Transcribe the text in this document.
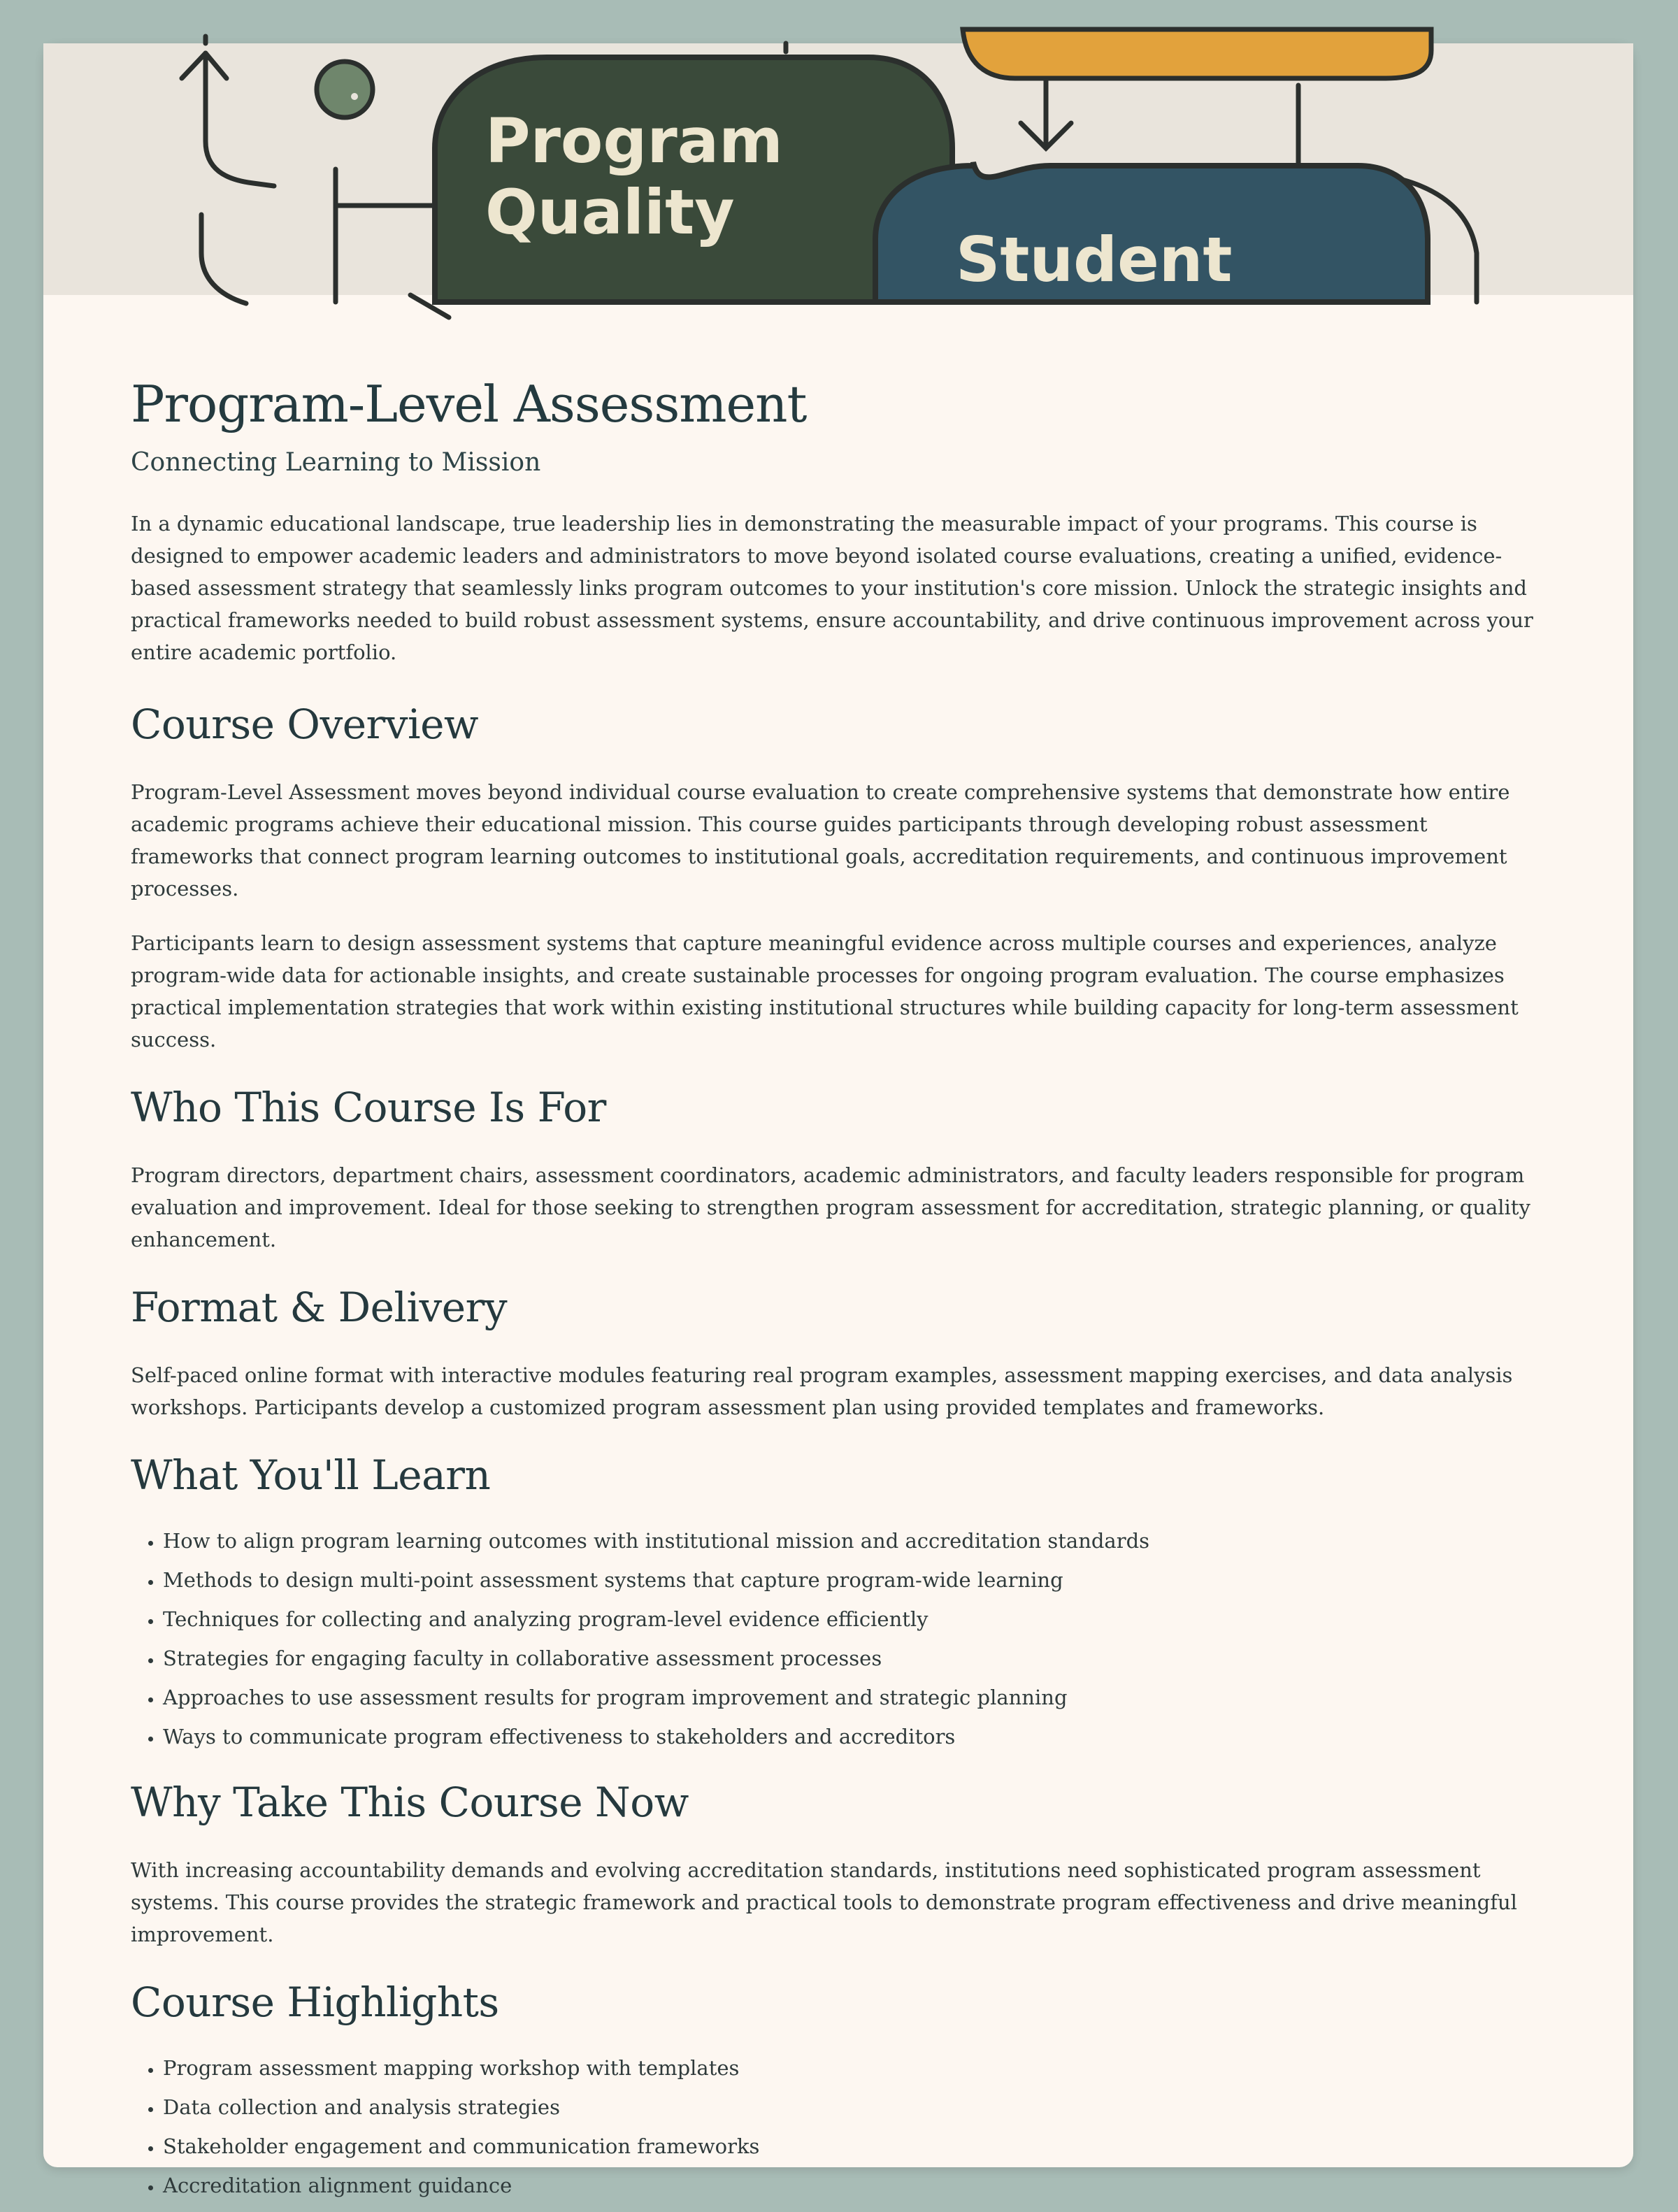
Program
Quality
Student
Program-Level Assessment
Connecting Learning to Mission

In a dynamic educational landscape, true leadership lies in demonstrating the measurable impact of your programs. This course is designed to empower academic leaders and administrators to move beyond isolated course evaluations, creating a unified, evidence-based assessment strategy that seamlessly links program outcomes to your institution's core mission. Unlock the strategic insights and practical frameworks needed to build robust assessment systems, ensure accountability, and drive continuous improvement across your entire academic portfolio.

Course Overview

Program-Level Assessment moves beyond individual course evaluation to create comprehensive systems that demonstrate how entire academic programs achieve their educational mission. This course guides participants through developing robust assessment frameworks that connect program learning outcomes to institutional goals, accreditation requirements, and continuous improvement processes.

Participants learn to design assessment systems that capture meaningful evidence across multiple courses and experiences, analyze program-wide data for actionable insights, and create sustainable processes for ongoing program evaluation. The course emphasizes practical implementation strategies that work within existing institutional structures while building capacity for long-term assessment success.

Who This Course Is For

Program directors, department chairs, assessment coordinators, academic administrators, and faculty leaders responsible for program evaluation and improvement. Ideal for those seeking to strengthen program assessment for accreditation, strategic planning, or quality enhancement.

Format & Delivery

Self-paced online format with interactive modules featuring real program examples, assessment mapping exercises, and data analysis workshops. Participants develop a customized program assessment plan using provided templates and frameworks.

What You'll Learn
• How to align program learning outcomes with institutional mission and accreditation standards
• Methods to design multi-point assessment systems that capture program-wide learning
• Techniques for collecting and analyzing program-level evidence efficiently
• Strategies for engaging faculty in collaborative assessment processes
• Approaches to use assessment results for program improvement and strategic planning
• Ways to communicate program effectiveness to stakeholders and accreditors
Why Take This Course Now

With increasing accountability demands and evolving accreditation standards, institutions need sophisticated program assessment systems. This course provides the strategic framework and practical tools to demonstrate program effectiveness and drive meaningful improvement.

Course Highlights
• Program assessment mapping workshop with templates
• Data collection and analysis strategies
• Stakeholder engagement and communication frameworks
• Accreditation alignment guidance
